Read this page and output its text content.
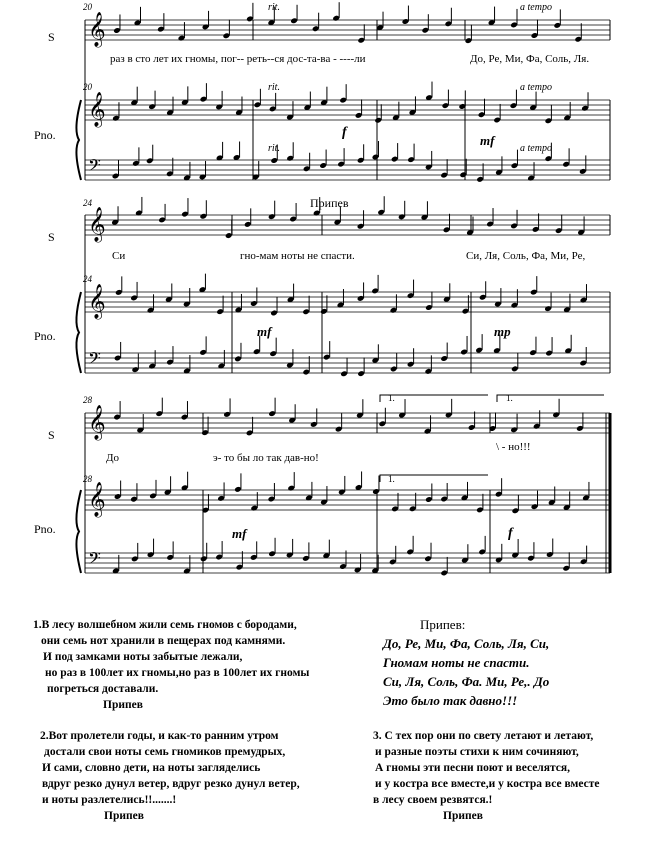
𝄞
𝄞
𝄢
𝄞
𝄞
𝄢
𝄞
𝄞
𝄢
S
Pno.
20
20
rit.	a tempo
rit.	a tempo
rit.	a tempo
f
mf
раз в сто лет их гномы, пог-- реть--ся дос-та-ва - ----ли	До, Ре, Ми, Фа, Соль, Ля.
S
Pno.
24
24
Припев
mf	mp
Си	гно-мам ноты не спасти.	Си, Ля, Соль, Фа, Ми, Ре,
S
Pno.
28
28
1.	1.
1.
mf	f
До	э- то бы ло так дав-но!
\ - но!!!
1.В лесу волшебном жили семь гномов с бородами,
они семь нот хранили в пещерах под камнями.
И под замками ноты забытые лежали,
но раз в 100лет их гномы,но раз в 100лет их гномы
погреться доставали.
Припев
Припев:
До, Ре, Ми, Фа, Соль, Ля, Си,
Гномам ноты не спасти.
Си, Ля, Соль, Фа. Ми, Ре,. До
Это было так давно!!!
2.Вот пролетели годы, и как-то ранним утром
достали свои ноты семь гномиков премудрых,
И сами, словно дети, на ноты загляделись
вдруг резко дунул ветер, вдруг резко дунул ветер,
и ноты разлетелись!!.......!
Припев
3. С тех пор они по свету летают и летают,
и разные поэты стихи к ним сочиняют,
А гномы эти песни поют и веселятся,
и у костра все вместе,и у костра все вместе
в лесу своем резвятся.!
Припев
